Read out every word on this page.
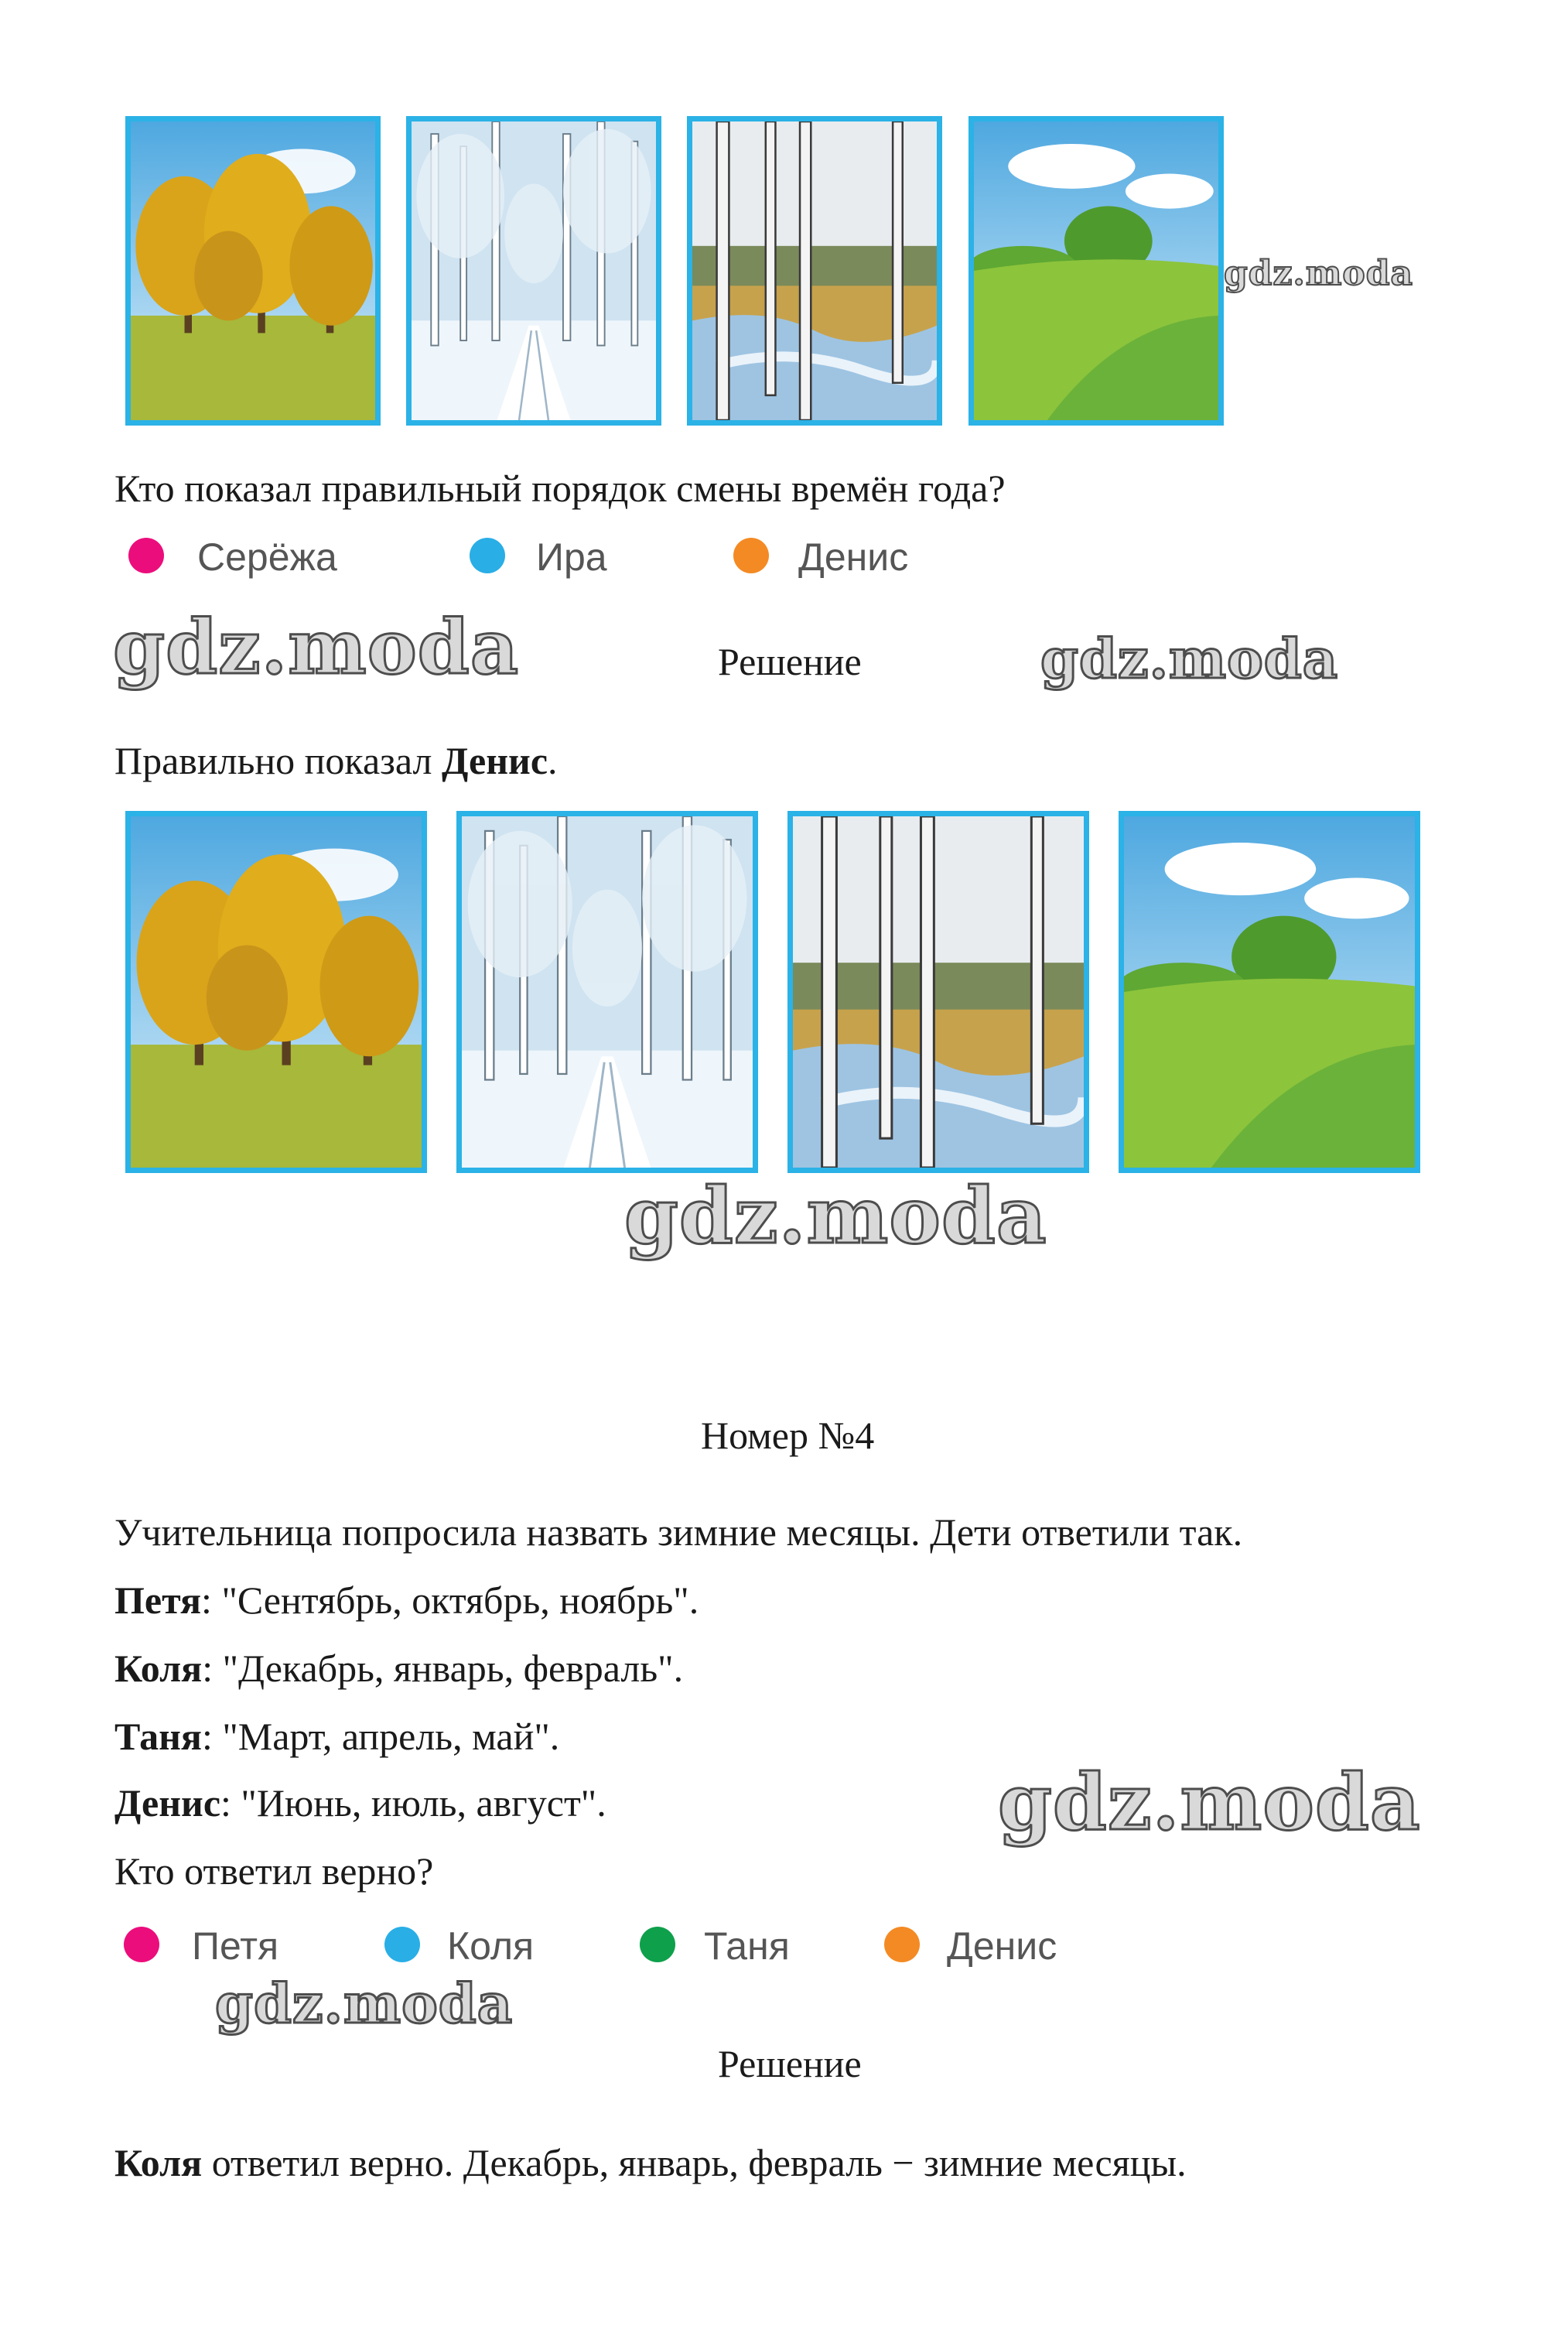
gdz.moda
Кто показал правильный порядок смены времён года?
Серёжа	Ира	Денис
gdz.moda	Решение	gdz.moda
Правильно показал Денис.
gdz.moda
Номер №4
Учительница попросила назвать зимние месяцы. Дети ответили так.
Петя: "Сентябрь, октябрь, ноябрь".
Коля: "Декабрь, январь, февраль".
Таня: "Март, апрель, май".
Денис: "Июнь, июль, август".	gdz.moda
Кто ответил верно?
Петя	Коля	Таня	Денис
gdz.moda
Решение
Коля ответил верно. Декабрь, январь, февраль − зимние месяцы.
